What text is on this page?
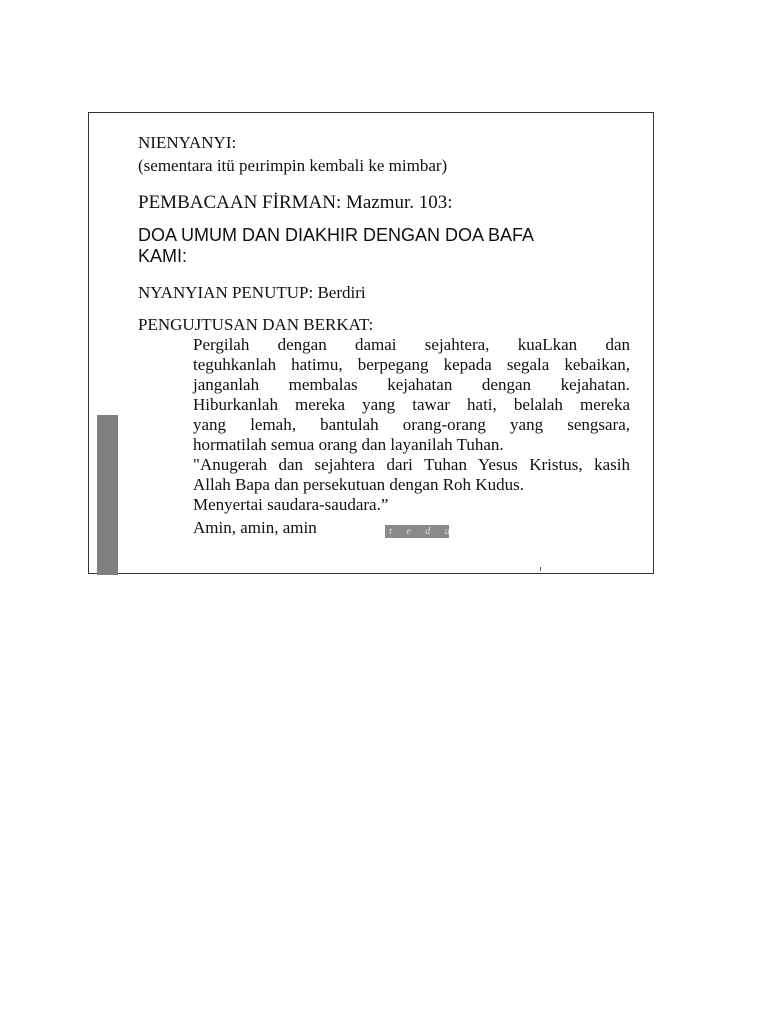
NIENYANYI:
(sementara itü peırimpin kembali ke mimbar)
PEMBACAAN FİRMAN: Mazmur. 103:
DOA UMUM DAN DIAKHIR DENGAN DOA BAFA
KAMI:
NYANYIAN PENUTUP: Berdiri
PENGUJTUSAN DAN BERKAT:
Pergilah dengan damai sejahtera, kuaLkan dan
teguhkanlah hatimu, berpegang kepada segala kebaikan,
janganlah membalas kejahatan dengan kejahatan.
Hiburkanlah mereka yang tawar hati, belalah mereka
yang lemah, bantulah orang-orang yang sengsara,
hormatilah semua orang dan layanilah Tuhan.
"Anugerah dan sejahtera dari Tuhan Yesus Kristus, kasih
Allah Bapa dan persekutuan dengan Roh Kudus.
Menyertai saudara-saudara.”
Amin, amin, amin	t e d u
